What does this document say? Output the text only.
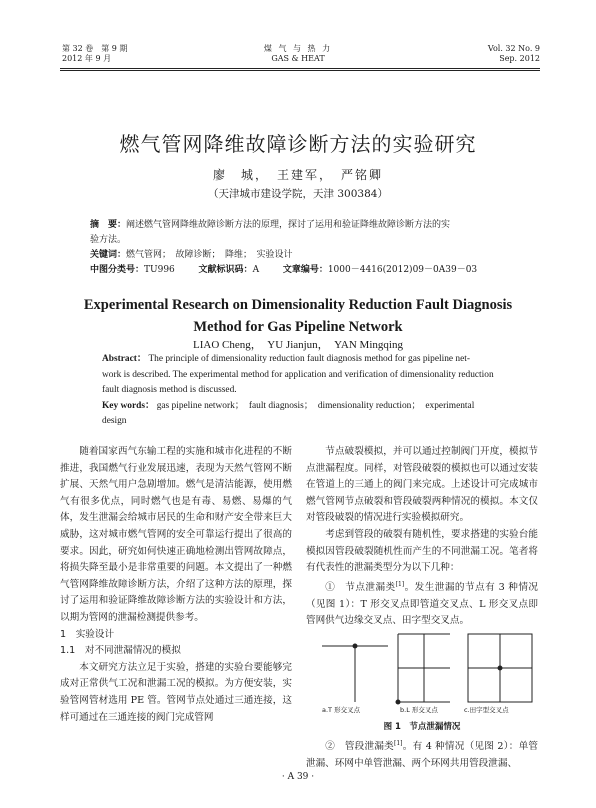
第 32 卷　第 9 期
2012 年 9 月
煤 气 与 热 力
GAS & HEAT
Vol. 32 No. 9
Sep. 2012
燃气管网降维故障诊断方法的实验研究
廖　城，　王建军，　严铭卿
（天津城市建设学院，天津 300384）
摘　要：阐述燃气管网降维故障诊断方法的原理，探讨了运用和验证降维故障诊断方法的实
验方法。
关键词：燃气管网；　故障诊断；　降维；　实验设计
中图分类号：TU996	文献标识码：A	文章编号：1000－4416(2012)09－0A39－03
Experimental Research on Dimensionality Reduction Fault Diagnosis
Method for Gas Pipeline Network
LIAO Cheng，　YU Jianjun，　YAN Mingqing
Abstract： The principle of dimensionality reduction fault diagnosis method for gas pipeline net-
work is described. The experimental method for application and verification of dimensionality reduction
fault diagnosis method is discussed.
Key words： gas pipeline network；　fault diagnosis；　dimensionality reduction；　experimental
design

随着国家西气东输工程的实施和城市化进程的不断推进，我国燃气行业发展迅速，表现为天然气管网不断扩展、天然气用户急剧增加。燃气是清洁能源，使用燃气有很多优点，同时燃气也是有毒、易燃、易爆的气体，发生泄漏会给城市居民的生命和财产安全带来巨大威胁，这对城市燃气管网的安全可靠运行提出了很高的要求。因此，研究如何快速正确地检测出管网故障点，将损失降至最小是非常重要的问题。本文提出了一种燃气管网降维故障诊断方法，介绍了这种方法的原理，探讨了运用和验证降维故障诊断方法的实验设计和方法，以期为管网的泄漏检测提供参考。

1　实验设计

1.1　对不同泄漏情况的模拟

本文研究方法立足于实验，搭建的实验台要能够完成对正常供气工况和泄漏工况的模拟。为方便安装，实验管网管材选用 PE 管。管网节点处通过三通连接，这样可通过在三通连接的阀门完成管网

节点破裂模拟，并可以通过控制阀门开度，模拟节点泄漏程度。同样，对管段破裂的模拟也可以通过安装在管道上的三通上的阀门来完成。上述设计可完成城市燃气管网节点破裂和管段破裂两种情况的模拟。本文仅对管段破裂的情况进行实验模拟研究。

考虑到管段的破裂有随机性，要求搭建的实验台能模拟因管段破裂随机性而产生的不同泄漏工况。笔者将有代表性的泄漏类型分为以下几种：

①　节点泄漏类[1]。发生泄漏的节点有 3 种情况（见图 1）：T 形交叉点即管道交叉点、L 形交叉点即管网供气边缘交叉点、田字型交叉点。

a.T 形交叉点	b.L 形交叉点	c.田字型交叉点
图 1　节点泄漏情况

②　管段泄漏类[1]。有 4 种情况（见图 2）：单管泄漏、环网中单管泄漏、两个环网共用管段泄漏、

· A 39 ·
